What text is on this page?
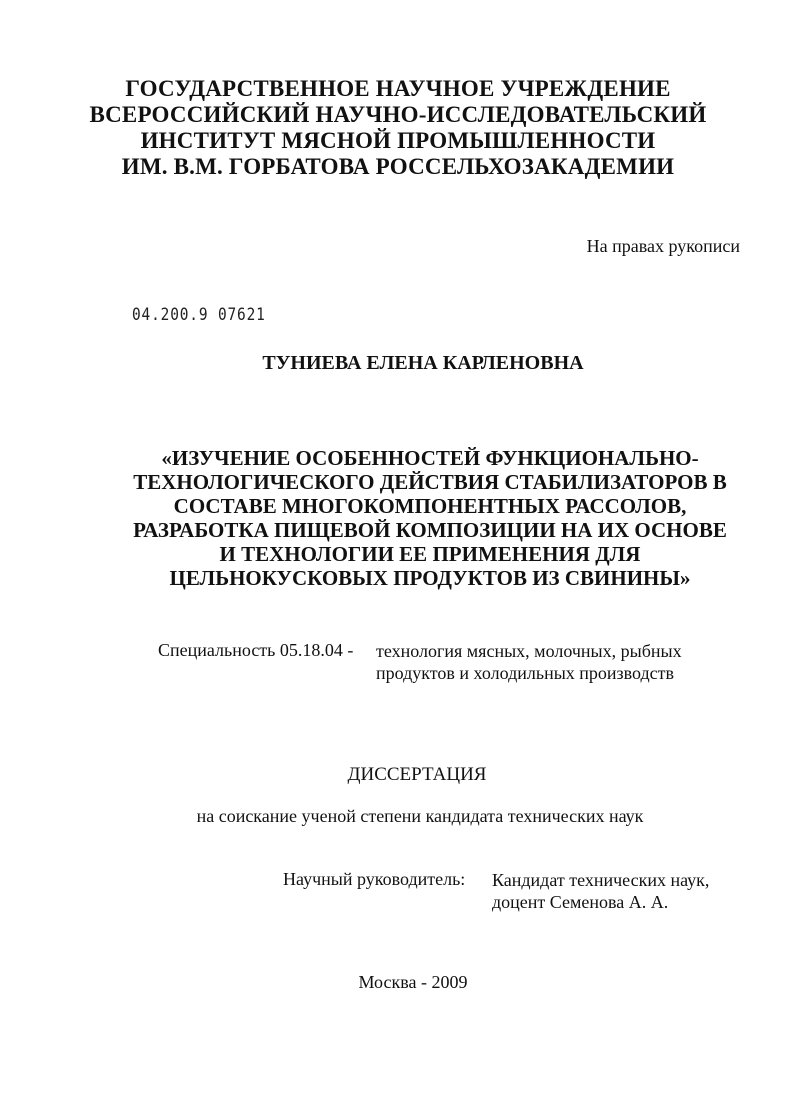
ГОСУДАРСТВЕННОЕ НАУЧНОЕ УЧРЕЖДЕНИЕ
ВСЕРОССИЙСКИЙ НАУЧНО-ИССЛЕДОВАТЕЛЬСКИЙ
ИНСТИТУТ МЯСНОЙ ПРОМЫШЛЕННОСТИ
ИМ. В.М. ГОРБАТОВА РОССЕЛЬХОЗАКАДЕМИИ
На правах рукописи
04.200.9 07621
ТУНИЕВА ЕЛЕНА КАРЛЕНОВНА
«ИЗУЧЕНИЕ ОСОБЕННОСТЕЙ ФУНКЦИОНАЛЬНО-
ТЕХНОЛОГИЧЕСКОГО ДЕЙСТВИЯ СТАБИЛИЗАТОРОВ В
СОСТАВЕ МНОГОКОМПОНЕНТНЫХ РАССОЛОВ,
РАЗРАБОТКА ПИЩЕВОЙ КОМПОЗИЦИИ НА ИХ ОСНОВЕ
И ТЕХНОЛОГИИ ЕЕ ПРИМЕНЕНИЯ ДЛЯ
ЦЕЛЬНОКУСКОВЫХ ПРОДУКТОВ ИЗ СВИНИНЫ»
Специальность 05.18.04 - технология мясных, молочных, рыбных
продуктов и холодильных производств
ДИССЕРТАЦИЯ
на соискание ученой степени кандидата технических наук
Научный руководитель: Кандидат технических наук,
доцент Семенова А. А.
Москва - 2009
